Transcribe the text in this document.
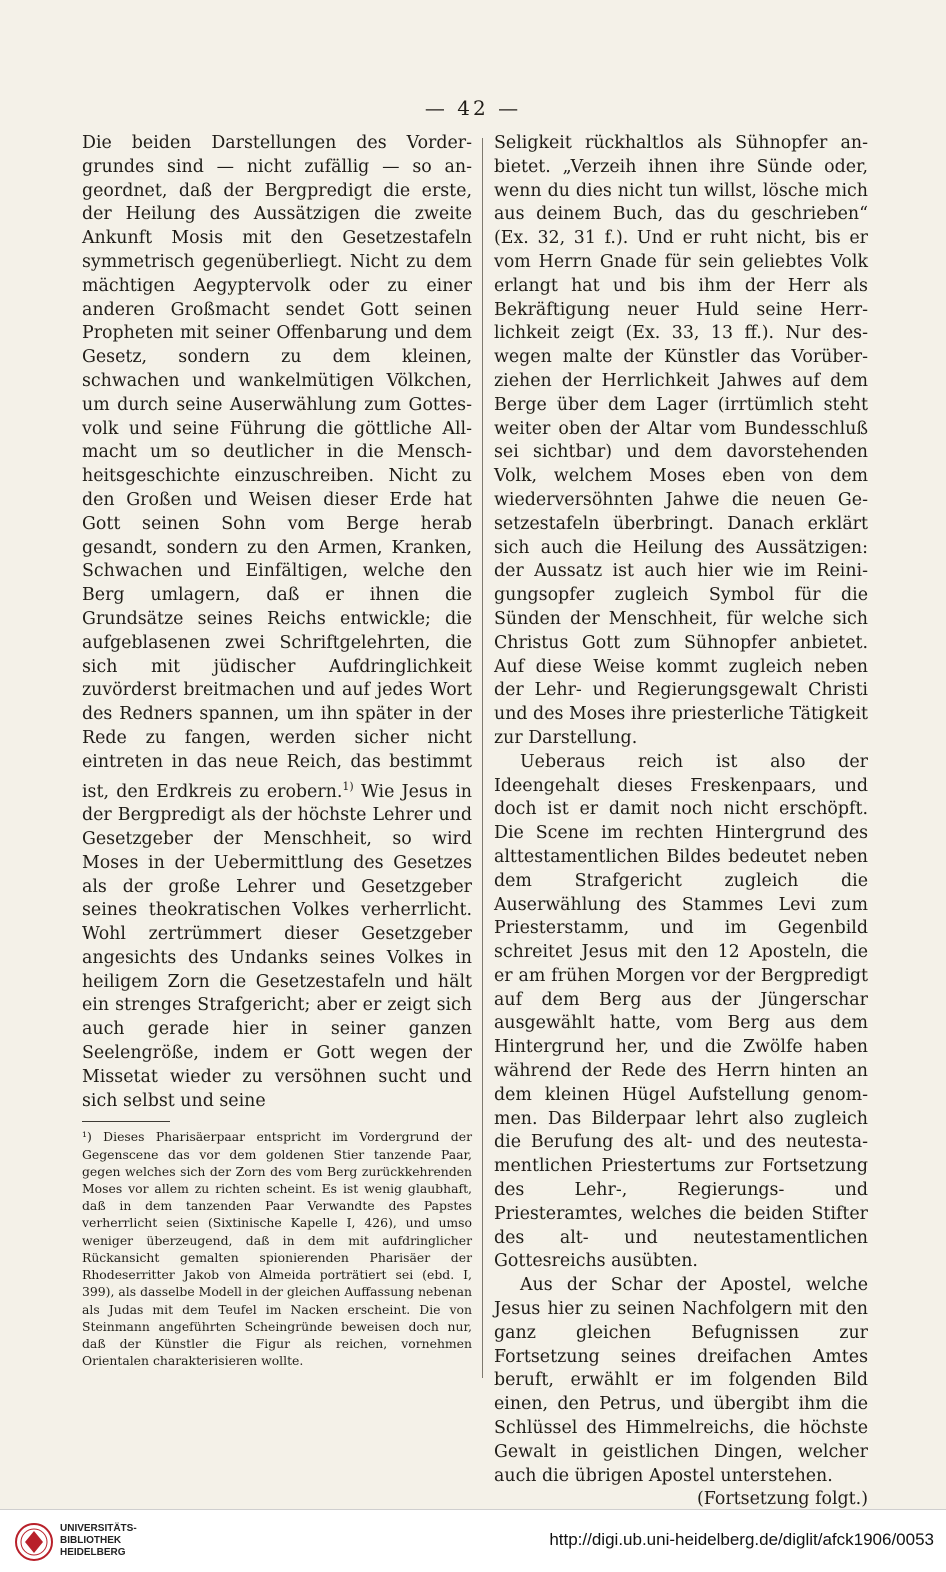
— 42 —

Die beiden Darstellungen des Vordergrundes sind — nicht zufällig — so angeordnet, daß der Bergpredigt die erste, der Heilung des Aussätzigen die zweite Ankunft Mosis mit den Gesetzestafeln symmetrisch gegenüberliegt. Nicht zu dem mächtigen Aegyptervolk oder zu einer anderen Großmacht sendet Gott seinen Propheten mit seiner Offenbarung und dem Gesetz, sondern zu dem kleinen, schwachen und wankelmütigen Völkchen, um durch seine Auserwählung zum Gottesvolk und seine Führung die göttliche Allmacht um so deutlicher in die Menschheitsgeschichte einzuschreiben. Nicht zu den Großen und Weisen dieser Erde hat Gott seinen Sohn vom Berge herab gesandt, sondern zu den Armen, Kranken, Schwachen und Einfältigen, welche den Berg umlagern, daß er ihnen die Grundsätze seines Reichs entwickle; die aufgeblasenen zwei Schriftgelehrten, die sich mit jüdischer Aufdringlichkeit zuvörderst breitmachen und auf jedes Wort des Redners spannen, um ihn später in der Rede zu fangen, werden sicher nicht eintreten in das neue Reich, das bestimmt ist, den Erdkreis zu erobern.$^{1)}$ Wie Jesus in der Bergpredigt als der höchste Lehrer und Gesetzgeber der Menschheit, so wird Moses in der Uebermittlung des Gesetzes als der große Lehrer und Gesetzgeber seines theokratischen Volkes verherrlicht. Wohl zertrümmert dieser Gesetzgeber angesichts des Undanks seines Volkes in heiligem Zorn die Gesetzestafeln und hält ein strenges Strafgericht; aber er zeigt sich auch gerade hier in seiner ganzen Seelengröße, indem er Gott wegen der Missetat wieder zu versöhnen sucht und sich selbst und seine

¹) Dieses Pharisäerpaar entspricht im Vordergrund der Gegenscene das vor dem goldenen Stier tanzende Paar, gegen welches sich der Zorn des vom Berg zurückkehrenden Moses vor allem zu richten scheint. Es ist wenig glaubhaft, daß in dem tanzenden Paar Verwandte des Papstes verherrlicht seien (Sixtinische Kapelle I, 426), und umso weniger überzeugend, daß in dem mit aufdringlicher Rückansicht gemalten spionierenden Pharisäer der Rhodeserritter Jakob von Almeida porträtiert sei (ebd. I, 399), als dasselbe Modell in der gleichen Auffassung nebenan als Judas mit dem Teufel im Nacken erscheint. Die von Steinmann angeführten Scheingründe beweisen doch nur, daß der Künstler die Figur als reichen, vornehmen Orientalen charakterisieren wollte.

Seligkeit rückhaltlos als Sühnopfer anbietet. „Verzeih ihnen ihre Sünde oder, wenn du dies nicht tun willst, lösche mich aus deinem Buch, das du geschrieben“ (Ex. 32, 31 f.). Und er ruht nicht, bis er vom Herrn Gnade für sein geliebtes Volk erlangt hat und bis ihm der Herr als Bekräftigung neuer Huld seine Herrlichkeit zeigt (Ex. 33, 13 ff.). Nur deswegen malte der Künstler das Vorüberziehen der Herrlichkeit Jahwes auf dem Berge über dem Lager (irrtümlich steht weiter oben der Altar vom Bundesschluß sei sichtbar) und dem davorstehenden Volk, welchem Moses eben von dem wiederversöhnten Jahwe die neuen Gesetzestafeln überbringt. Danach erklärt sich auch die Heilung des Aussätzigen: der Aussatz ist auch hier wie im Reinigungsopfer zugleich Symbol für die Sünden der Menschheit, für welche sich Christus Gott zum Sühnopfer anbietet. Auf diese Weise kommt zugleich neben der Lehr- und Regierungsgewalt Christi und des Moses ihre priesterliche Tätigkeit zur Darstellung.

Ueberaus reich ist also der Ideengehalt dieses Freskenpaars, und doch ist er damit noch nicht erschöpft. Die Scene im rechten Hintergrund des alttestamentlichen Bildes bedeutet neben dem Strafgericht zugleich die Auserwählung des Stammes Levi zum Priesterstamm, und im Gegenbild schreitet Jesus mit den 12 Aposteln, die er am frühen Morgen vor der Bergpredigt auf dem Berg aus der Jüngerschar ausgewählt hatte, vom Berg aus dem Hintergrund her, und die Zwölfe haben während der Rede des Herrn hinten an dem kleinen Hügel Aufstellung genommen. Das Bilderpaar lehrt also zugleich die Berufung des alt- und des neutestamentlichen Priestertums zur Fortsetzung des Lehr-, Regierungs- und Priesteramtes, welches die beiden Stifter des alt- und neutestamentlichen Gottesreichs ausübten.

Aus der Schar der Apostel, welche Jesus hier zu seinen Nachfolgern mit den ganz gleichen Befugnissen zur Fortsetzung seines dreifachen Amtes beruft, erwählt er im folgenden Bild einen, den Petrus, und übergibt ihm die Schlüssel des Himmelreichs, die höchste Gewalt in geistlichen Dingen, welcher auch die übrigen Apostel unterstehen.
(Fortsetzung folgt.)

UNIVERSITÄTS-
BIBLIOTHEK
HEIDELBERG
http://digi.ub.uni-heidelberg.de/diglit/afck1906/0053
